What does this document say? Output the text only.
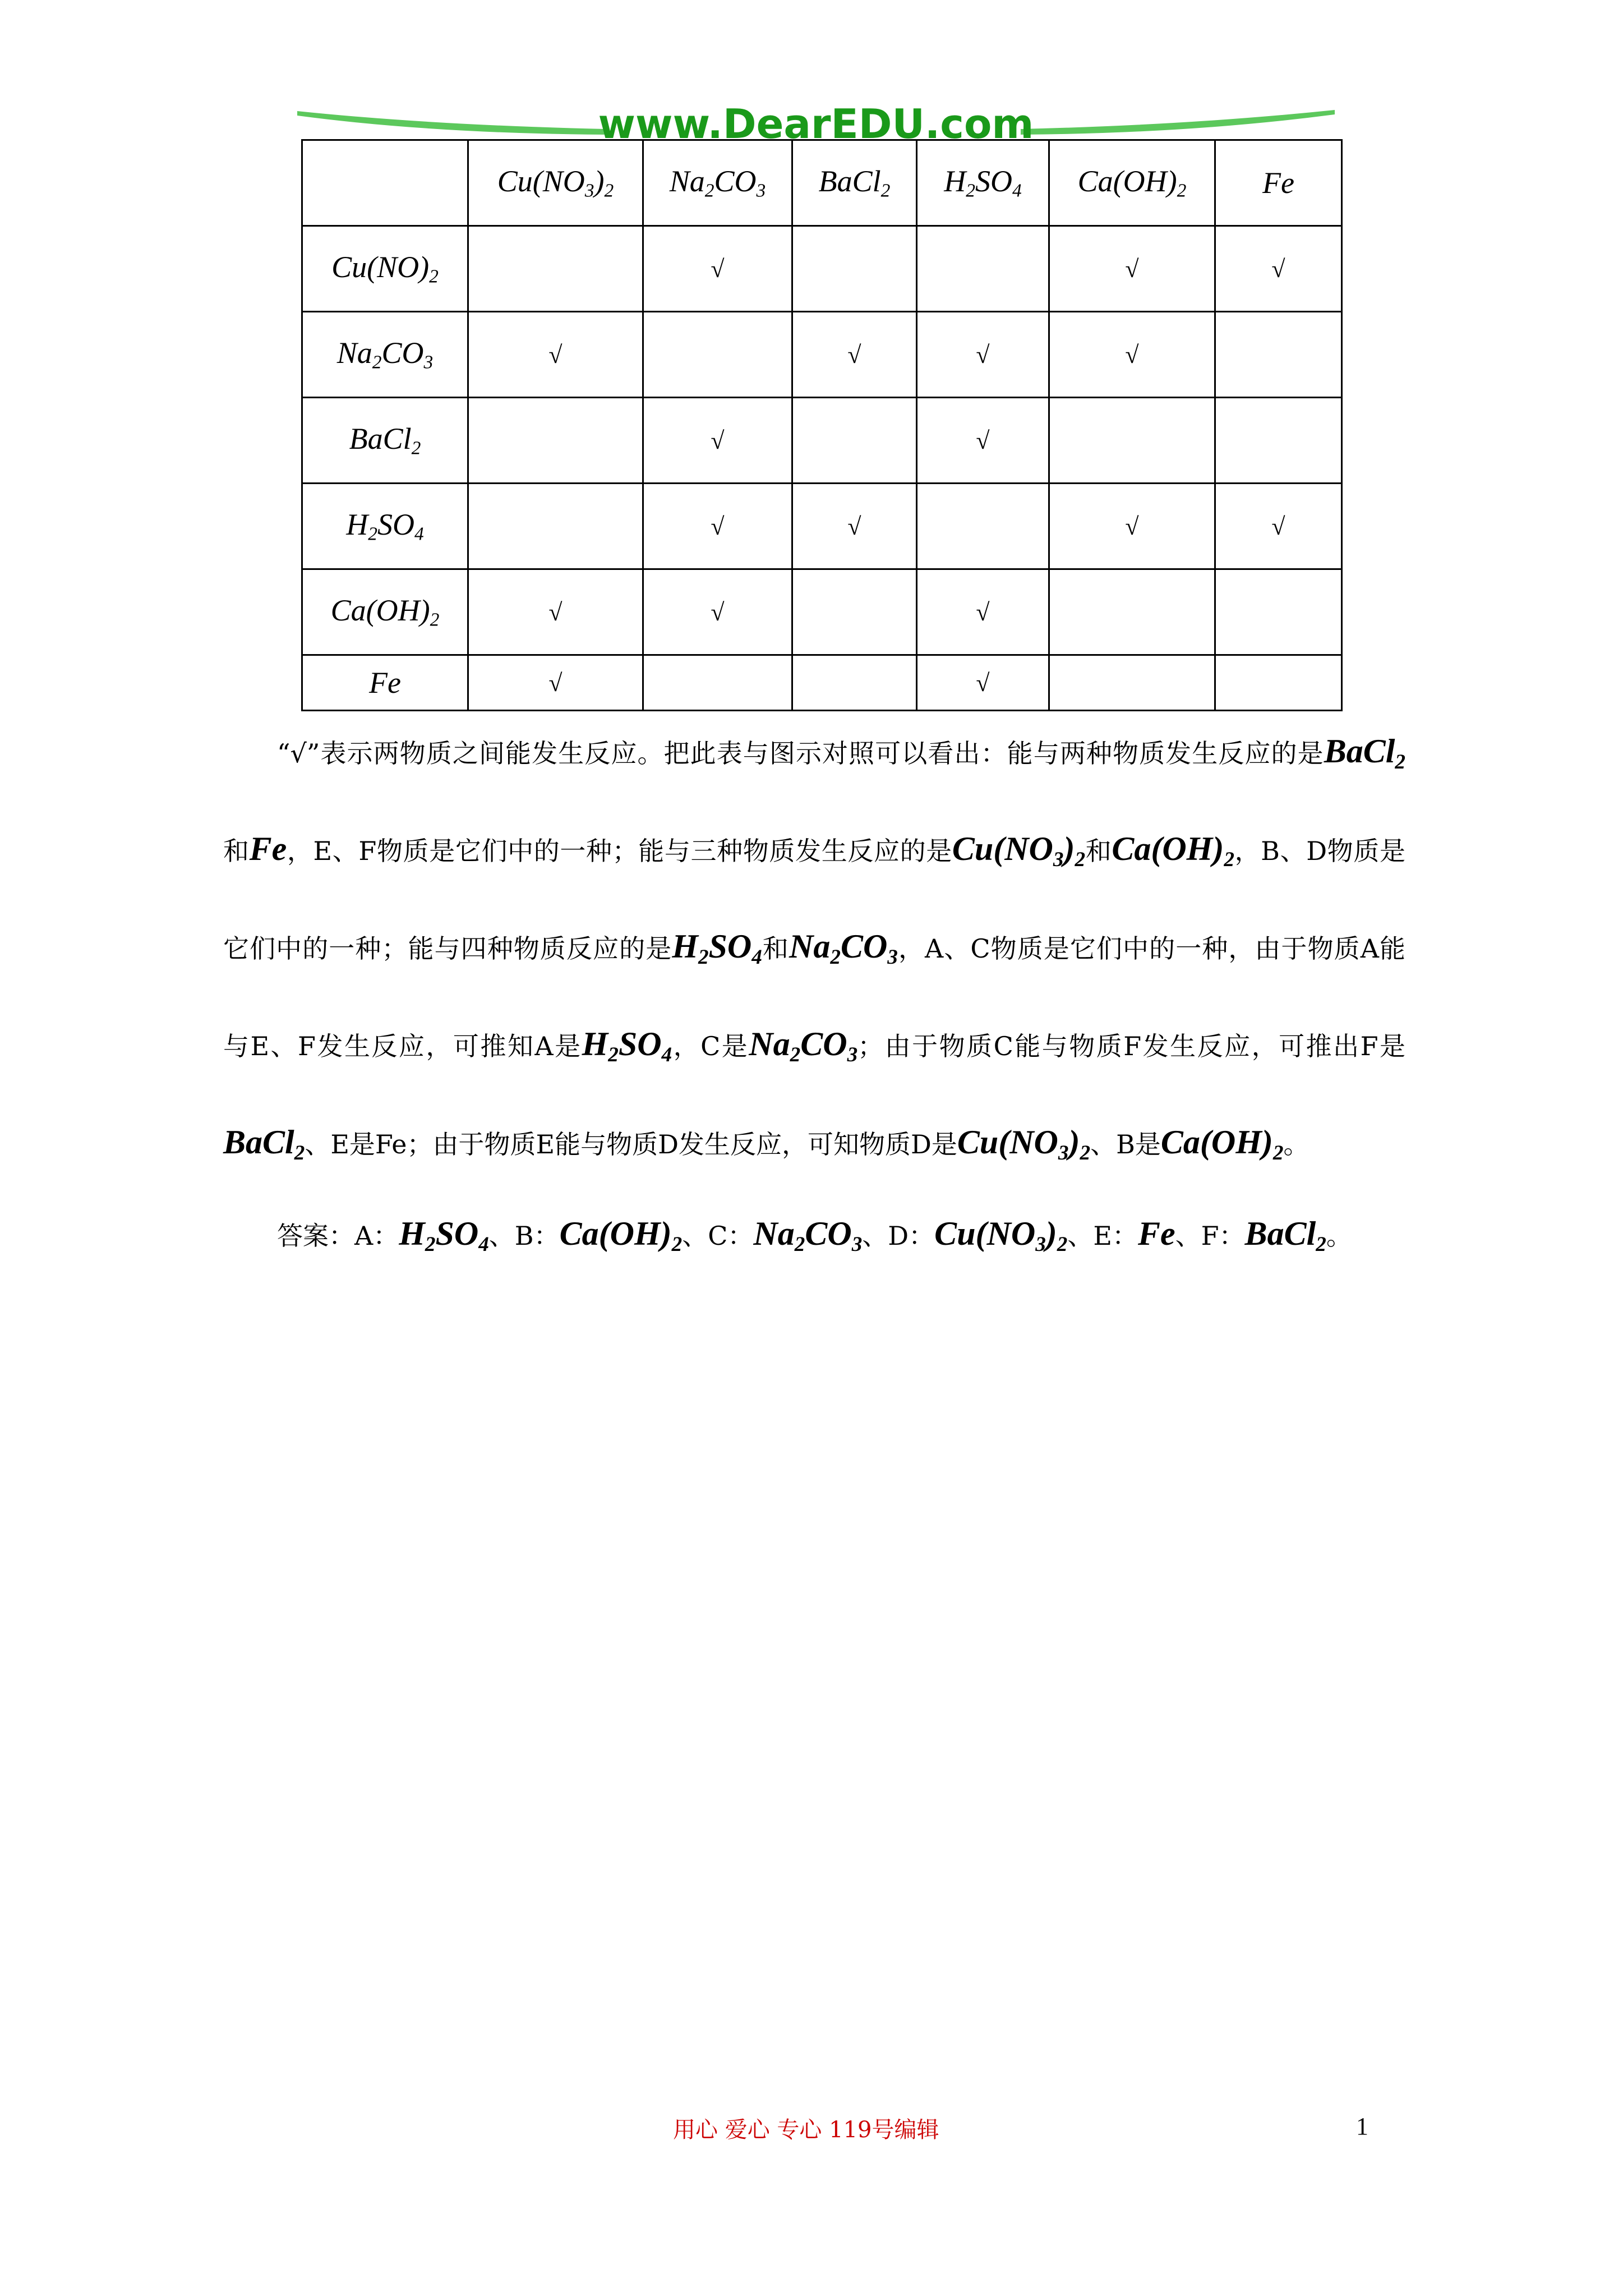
www.DearEDU.com
	$Cu(NO_3)_2$	$Na_2CO_3$	BaCl$_2$	$H_2SO_4$	$Ca(OH)_2$	Fe
$Cu(NO)_2$		√			√	√
$Na_2CO_3$	√		√	√	√	
BaCl$_2$		√		√		
$H_2SO_4$		√	√		√	√
$Ca(OH)_2$	√	√		√		
Fe	√			√		

“√”表示两物质之间能发生反应。把此表与图示对照可以看出：能与两种物质发生反应的是BaCl2和Fe，E、F物质是它们中的一种；能与三种物质发生反应的是Cu(NO3)2和Ca(OH)2，B、D物质是它们中的一种；能与四种物质反应的是H2SO4和Na2CO3，A、C物质是它们中的一种，由于物质A能与E、F发生反应，可推知A是H2SO4，C是Na2CO3；由于物质C能与物质F发生反应，可推出F是BaCl2、E是Fe；由于物质E能与物质D发生反应，可知物质D是Cu(NO3)2、B是Ca(OH)2。

答案：A：H2SO4、B：Ca(OH)2、C：Na2CO3、D：Cu(NO3)2、E：Fe、F：BaCl2。

用心 爱心 专心 119号编辑	1
